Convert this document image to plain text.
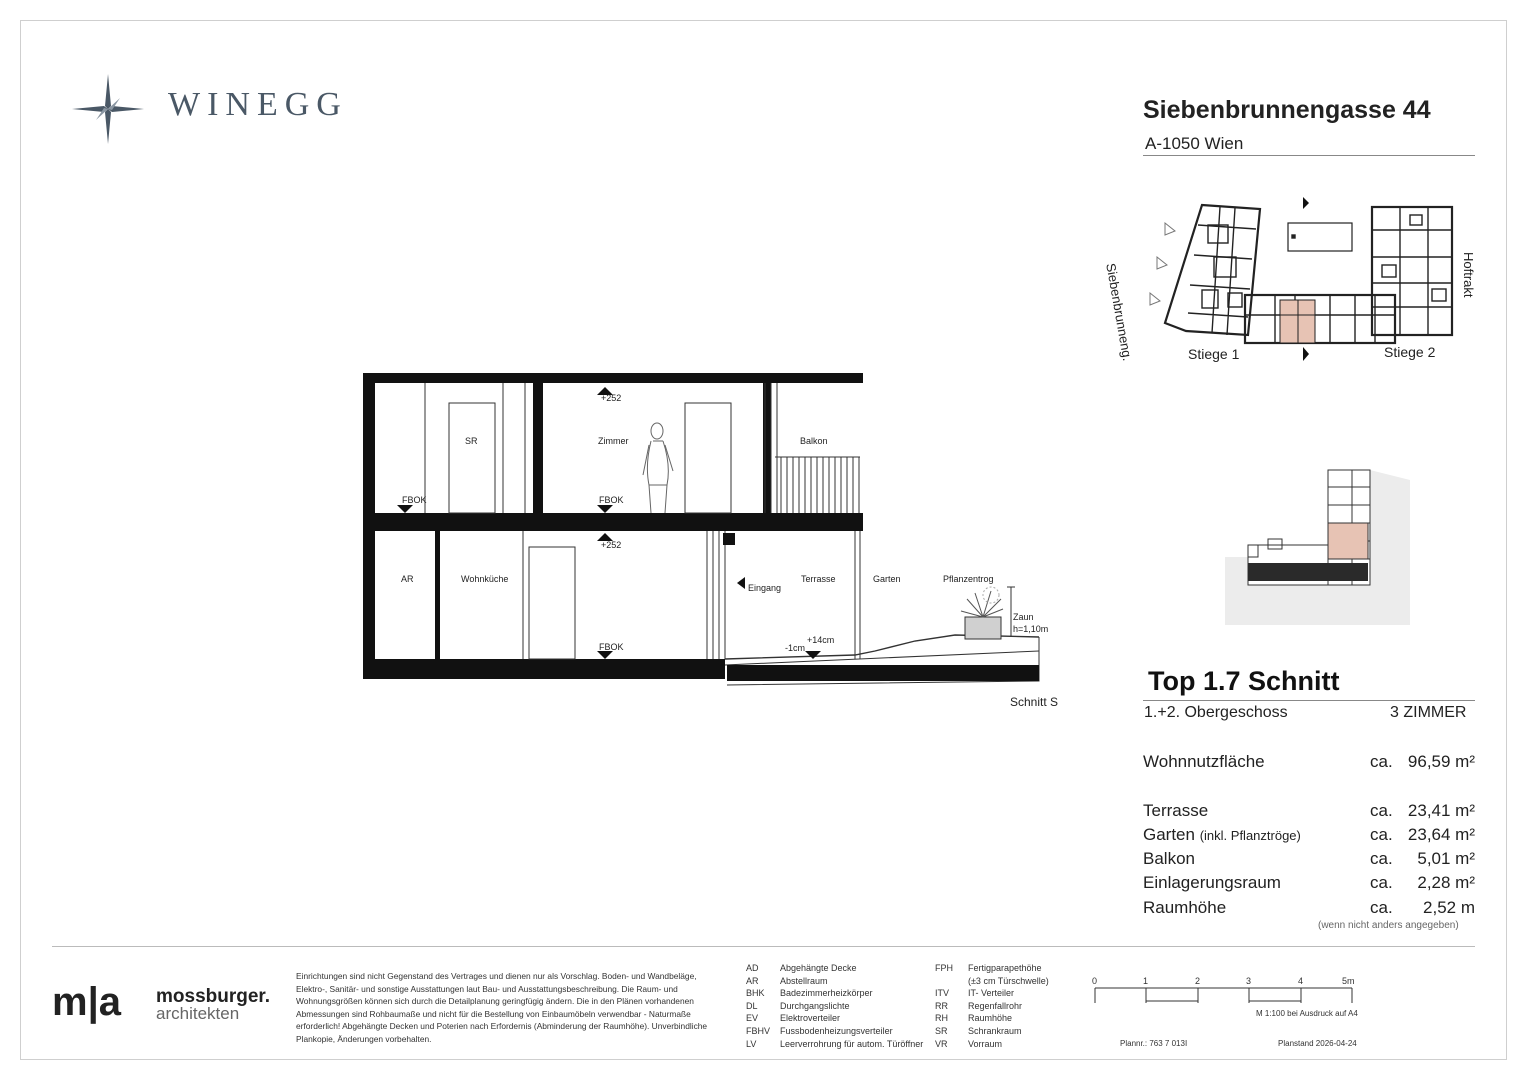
WINEGG	Siebenbrunnengasse 44
A-1050 Wien
Siebenbrunneng.	Hoftrakt
Stiege 1	Stiege 2
SR	Zimmer	Balkon
+252
FBOK	FBOK
+252
AR	Wohnküche
Eingang
Terrasse	Garten	Pflanzentrog
FBOK	-1cm
+14cm
Zaun
h=1,10m
Schnitt S
Top 1.7 Schnitt
1.+2. Obergeschoss	3 ZIMMER
Wohnnutzfläche	ca. 96,59 m²
Terrasse	ca. 23,41 m²
Garten (inkl. Pflanztröge)	ca. 23,64 m²
Balkon	ca. 5,01 m²
Einlagerungsraum	ca. 2,28 m²
Raumhöhe	ca. 2,52 m
(wenn nicht anders angegeben)
m|a mossburger.
architekten
Einrichtungen sind nicht Gegenstand des Vertrages und dienen nur als Vorschlag. Boden- und Wandbeläge, Elektro-, Sanitär- und sonstige Ausstattungen laut Bau- und Ausstattungsbeschreibung. Die Raum- und Wohnungsgrößen können sich durch die Detailplanung geringfügig ändern. Die in den Plänen vorhandenen Abmessungen sind Rohbaumaße und nicht für die Bestellung von Einbaumöbeln verwendbar - Naturmaße erforderlich! Abgehängte Decken und Poterien nach Erfordernis (Abminderung der Raumhöhe). Unverbindliche Plankopie, Änderungen vorbehalten.
AD Abgehängte Decke
AR Abstellraum
BHK Badezimmerheizkörper
DL Durchgangslichte
EV Elektroverteiler
FBHV Fussbodenheizungsverteiler
LV	Leerverrohrung für autom. Türöffner
FPH Fertigparapethöhe
(±3 cm Türschwelle)
ITV IT- Verteiler
RR Regenfallrohr
RH Raumhöhe
SR Schrankraum
VR Vorraum
0	1	2	3	4	5m
M 1:100 bei Ausdruck auf A4
Plannr.: 763 7 013I	Planstand 2026-04-24
